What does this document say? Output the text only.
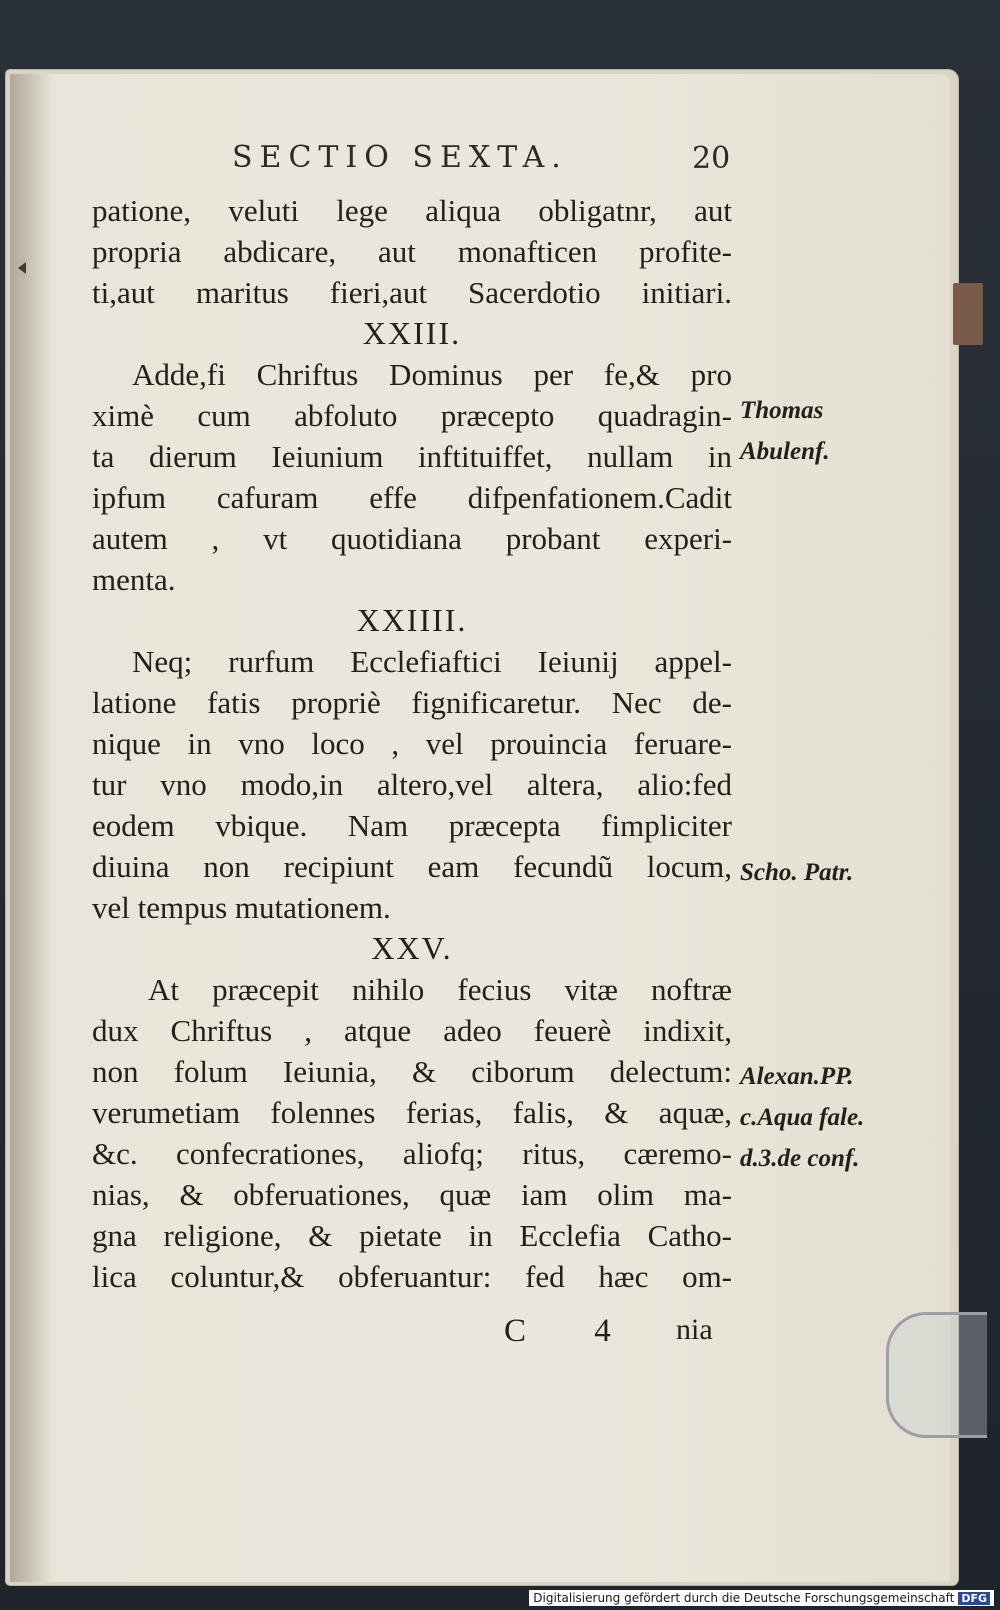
SECTIO SEXTA.	20
patione, veluti lege aliqua obligatnr, aut
propria abdicare, aut monafticen profite-
ti,aut maritus fieri,aut Sacerdotio initiari.
XXIII.
Adde,fi Chriftus Dominus per fe,& pro
ximè cum abfoluto præcepto quadragin-
ta dierum Ieiunium inftituiffet, nullam in
ipfum cafuram effe difpenfationem.Cadit
autem , vt quotidiana probant experi-
menta.
XXIIII.
Neq; rurfum Ecclefiaftici Ieiunij appel-
latione fatis propriè fignificaretur. Nec de-
nique in vno loco , vel prouincia feruare-
tur vno modo,in altero,vel altera, alio:fed
eodem vbique. Nam præcepta fimpliciter
diuina non recipiunt eam fecundũ locum,
vel tempus mutationem.
XXV.
At præcepit nihilo fecius vitæ noftræ
dux Chriftus , atque adeo feuerè indixit,
non folum Ieiunia, & ciborum delectum:
verumetiam folennes ferias, falis, & aquæ,
&c. confecrationes, aliofq; ritus, cæremo-
nias, & obferuationes, quæ iam olim ma-
gna religione, & pietate in Ecclefia Catho-
lica coluntur,& obferuantur: fed hæc om-
Thomas
Abulenf.
Scho. Patr.
Alexan.PP.
c.Aqua fale.
d.3.de conf.
C 4 nia
Digitalisierung gefördert durch die Deutsche Forschungsgemeinschaft DFG
